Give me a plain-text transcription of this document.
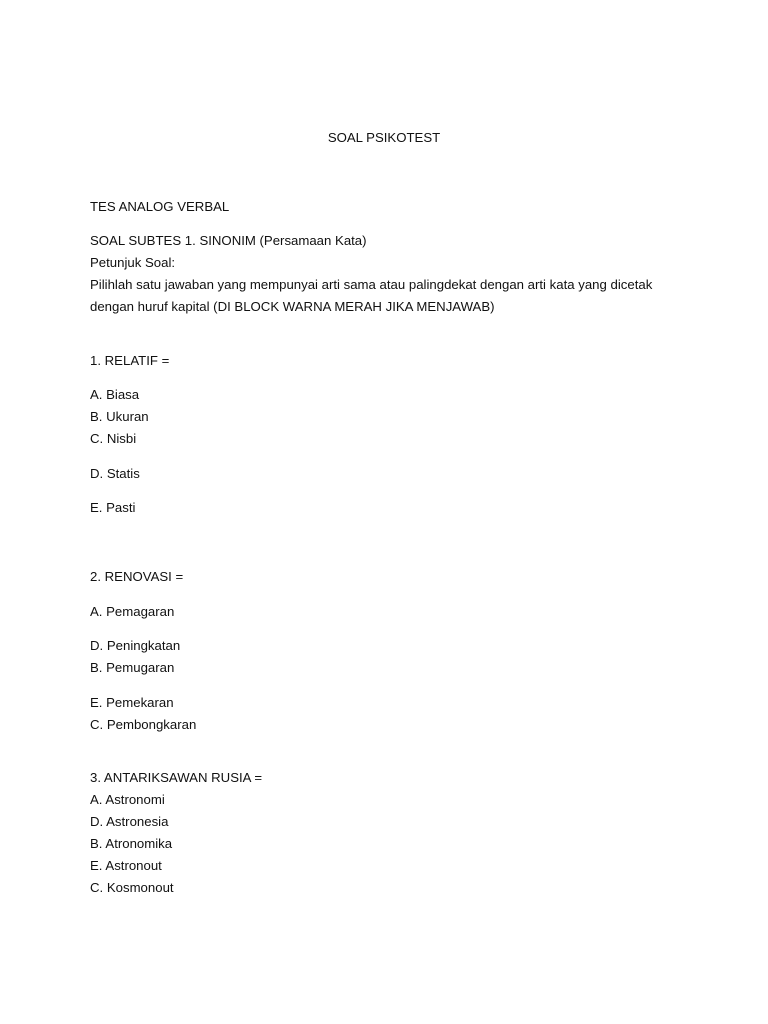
SOAL PSIKOTEST
TES ANALOG VERBAL
SOAL SUBTES 1. SINONIM (Persamaan Kata)
Petunjuk Soal:
Pilihlah satu jawaban yang mempunyai arti sama atau palingdekat dengan arti kata yang dicetak
dengan huruf kapital (DI BLOCK WARNA MERAH JIKA MENJAWAB)
1. RELATIF =
A. Biasa
B. Ukuran
C. Nisbi
D. Statis
E. Pasti
2. RENOVASI =
A. Pemagaran
D. Peningkatan
B. Pemugaran
E. Pemekaran
C. Pembongkaran
3. ANTARIKSAWAN RUSIA =
A. Astronomi
D. Astronesia
B. Atronomika
E. Astronout
C. Kosmonout
